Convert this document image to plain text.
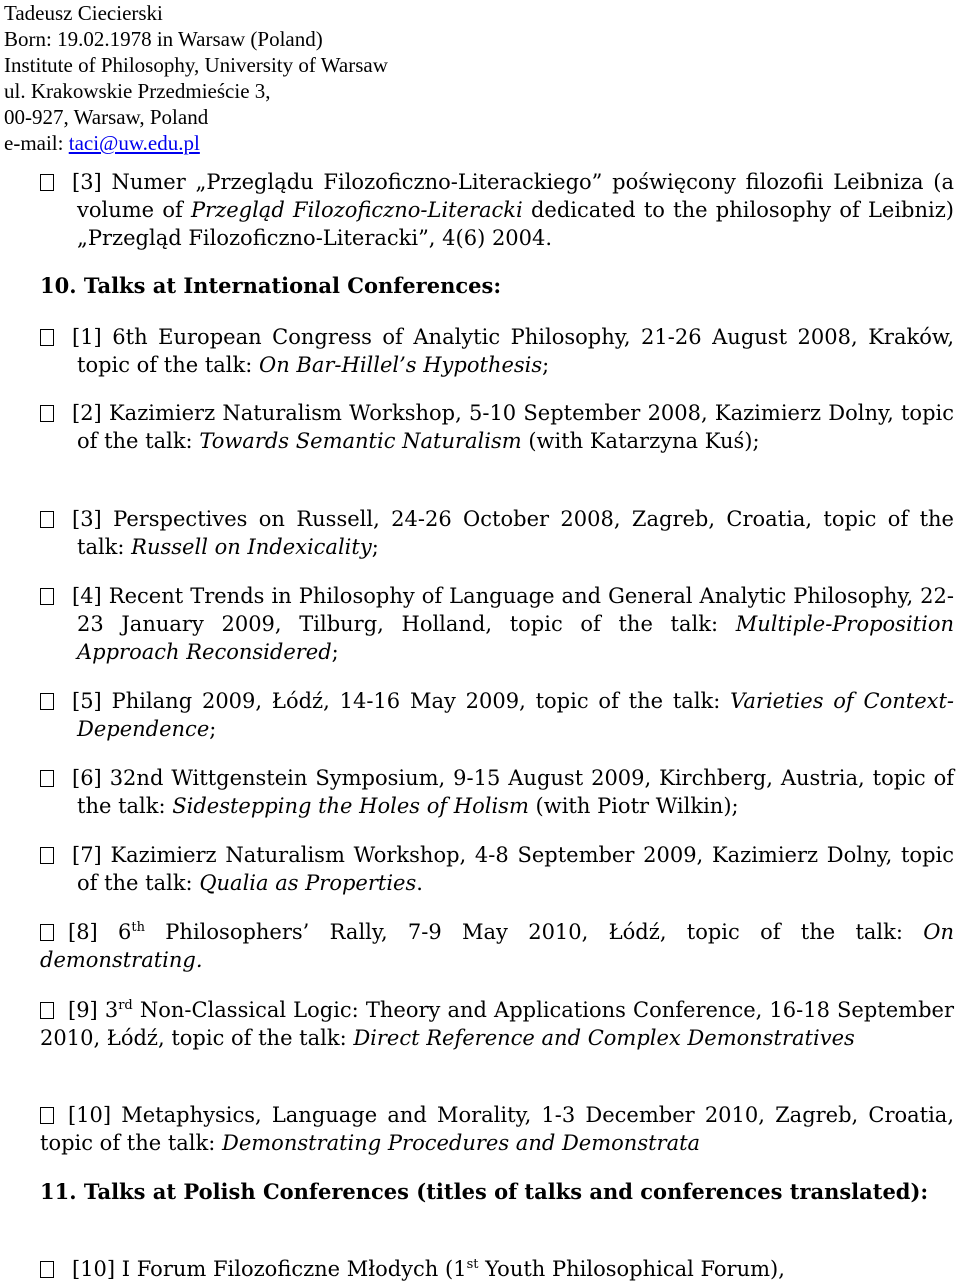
Tadeusz Ciecierski
Born: 19.02.1978 in Warsaw (Poland)
Institute of Philosophy, University of Warsaw
ul. Krakowskie Przedmieście 3,
00-927, Warsaw, Poland
e-mail: taci@uw.edu.pl
[3] Numer „Przeglądu Filozoficzno-Literackiego” poświęcony filozofii Leibniza (a volume of Przegląd Filozoficzno-Literacki dedicated to the philosophy of Leibniz) „Przegląd Filozoficzno-Literacki”, 4(6) 2004.
10. Talks at International Conferences:
[1] 6th European Congress of Analytic Philosophy, 21-26 August 2008, Kraków, topic of the talk: On Bar-Hillel’s Hypothesis;
[2] Kazimierz Naturalism Workshop, 5-10 September 2008, Kazimierz Dolny, topic of the talk: Towards Semantic Naturalism (with Katarzyna Kuś);
[3] Perspectives on Russell, 24-26 October 2008, Zagreb, Croatia, topic of the talk: Russell on Indexicality;
[4] Recent Trends in Philosophy of Language and General Analytic Philosophy, 22-23 January 2009, Tilburg, Holland, topic of the talk: Multiple-Proposition Approach Reconsidered;
[5] Philang 2009, Łódź, 14-16 May 2009, topic of the talk: Varieties of Context-Dependence;
[6] 32nd Wittgenstein Symposium, 9-15 August 2009, Kirchberg, Austria, topic of the talk: Sidestepping the Holes of Holism (with Piotr Wilkin);
[7] Kazimierz Naturalism Workshop, 4-8 September 2009, Kazimierz Dolny, topic of the talk: Qualia as Properties.
[8] 6th Philosophers’ Rally, 7-9 May 2010, Łódź, topic of the talk: On demonstrating.
[9] 3rd Non-Classical Logic: Theory and Applications Conference, 16-18 September 2010, Łódź, topic of the talk: Direct Reference and Complex Demonstratives
[10] Metaphysics, Language and Morality, 1-3 December 2010, Zagreb, Croatia, topic of the talk: Demonstrating Procedures and Demonstrata
11. Talks at Polish Conferences (titles of talks and conferences translated):
[10] I Forum Filozoficzne Młodych (1st Youth Philosophical Forum),
